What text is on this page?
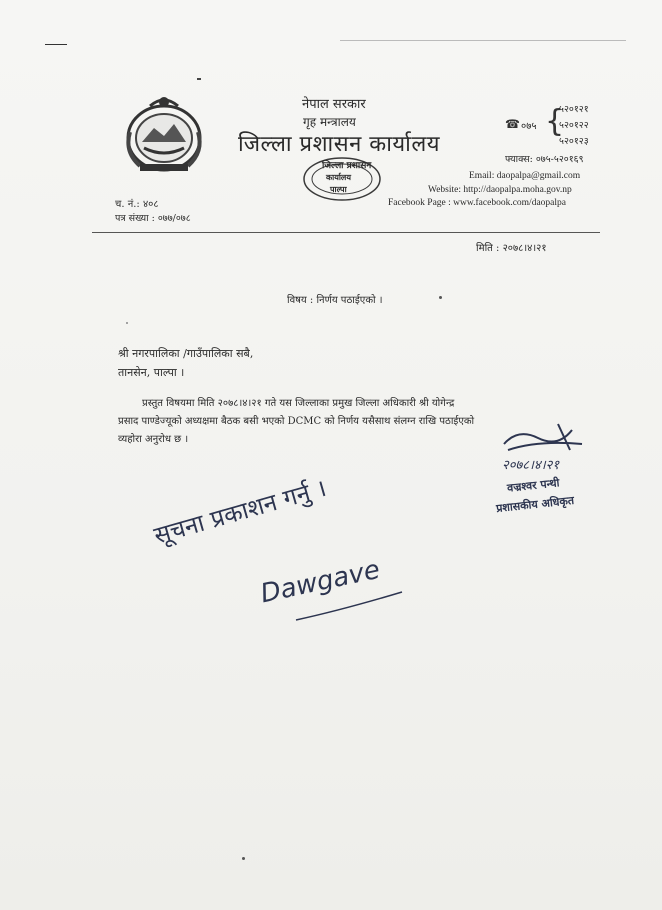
नेपाल सरकार
गृह मन्त्रालय
जिल्ला प्रशासन कार्यालय
जिल्ला प्रशासन
कार्यालय
पाल्पा
☎ ०७५ {
५२०१२१
५२०१२२
५२०१२३
फ्याक्स: ०७५-५२०१६९
Email: daopalpa@gmail.com
Website: http://daopalpa.moha.gov.np
Facebook Page : www.facebook.com/daopalpa
च. नं.: ४०८
पत्र संख्या : ०७७/०७८
मिति : २०७८।४।२१
विषय : निर्णय पठाईएको ।
श्री नगरपालिका /गाउँपालिका सबै,
तानसेन, पाल्पा ।
प्रस्तुत विषयमा मिति २०७८।४।२१ गते यस जिल्लाका प्रमुख जिल्ला अधिकारी श्री योगेन्द्र
प्रसाद पाण्डेज्यूको अध्यक्षमा बैठक बसी भएको DCMC को निर्णय यसैसाथ संलग्न राखि पठाईएको
व्यहोरा अनुरोध छ ।
२०७८।४।२१
वज्रश्वर पन्थी
प्रशासकीय अधिकृत
सूचना प्रकाशन गर्नु ।
Dawgave
